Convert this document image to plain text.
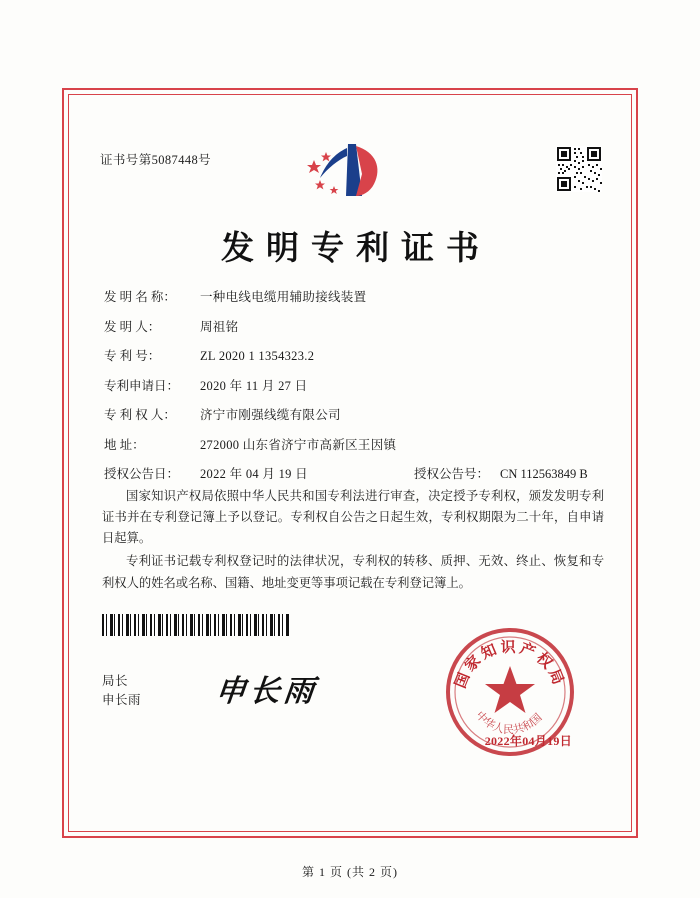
证书号第5087448号
发明专利证书
发 明 名 称：	一种电线电缆用辅助接线装置
发 明 人：	周祖铭
专 利 号：	ZL 2020 1 1354323.2
专利申请日：	2020 年 11 月 27 日
专 利 权 人：	济宁市刚强线缆有限公司
地 址：	272000 山东省济宁市高新区王因镇
授权公告日：	2022 年 04 月 19 日	授权公告号： CN 112563849 B

国家知识产权局依照中华人民共和国专利法进行审查，决定授予专利权，颁发发明专利证书并在专利登记簿上予以登记。专利权自公告之日起生效，专利权期限为二十年，自申请日起算。

专利证书记载专利权登记时的法律状况，专利权的转移、质押、无效、终止、恢复和专利权人的姓名或名称、国籍、地址变更等事项记载在专利登记簿上。

局长
申长雨 申长雨	国家知识产权局
中华人民共和国
2022年04月19日
第 1 页 (共 2 页)
